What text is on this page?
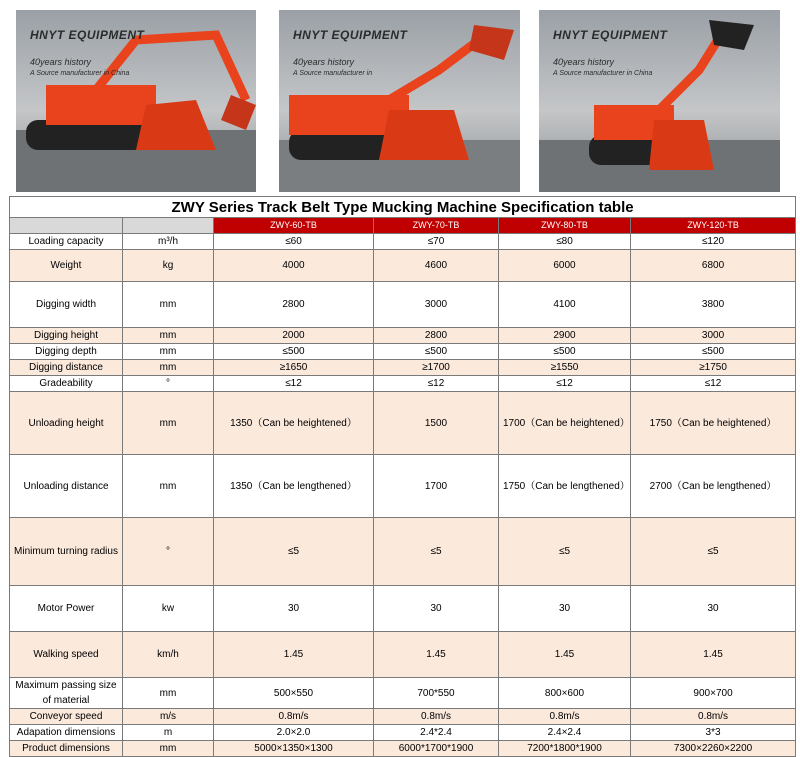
HNYT EQUIPMENT
40years history
A Source manufacturer in China
HNYT EQUIPMENT
40years history
A Source manufacturer in
HNYT EQUIPMENT
40years history
A Source manufacturer in China
ZWY Series Track Belt Type Mucking Machine Specification table					
		ZWY-60-TB	ZWY-70-TB	ZWY-80-TB	ZWY-120-TB
Loading capacity	m³/h	≤60	≤70	≤80	≤120
Weight	kg	4000	4600	6000	6800
Digging width	mm	2800	3000	4100	3800
Digging height	mm	2000	2800	2900	3000
Digging depth	mm	≤500	≤500	≤500	≤500
Digging distance	mm	≥1650	≥1700	≥1550	≥1750
Gradeability	°	≤12	≤12	≤12	≤12
Unloading height	mm	1350（Can be heightened）	1500	1700（Can be heightened）	1750（Can be heightened）
Unloading distance	mm	1350（Can be lengthened）	1700	1750（Can be lengthened）	2700（Can be lengthened）
Minimum turning radius	°	≤5	≤5	≤5	≤5
Motor Power	kw	30	30	30	30
Walking speed	km/h	1.45	1.45	1.45	1.45
Maximum passing size of material	mm	500×550	700*550	800×600	900×700
Conveyor speed	m/s	0.8m/s	0.8m/s	0.8m/s	0.8m/s
Adapation dimensions	m	2.0×2.0	2.4*2.4	2.4×2.4	3*3
Product dimensions	mm	5000×1350×1300	6000*1700*1900	7200*1800*1900	7300×2260×2200
